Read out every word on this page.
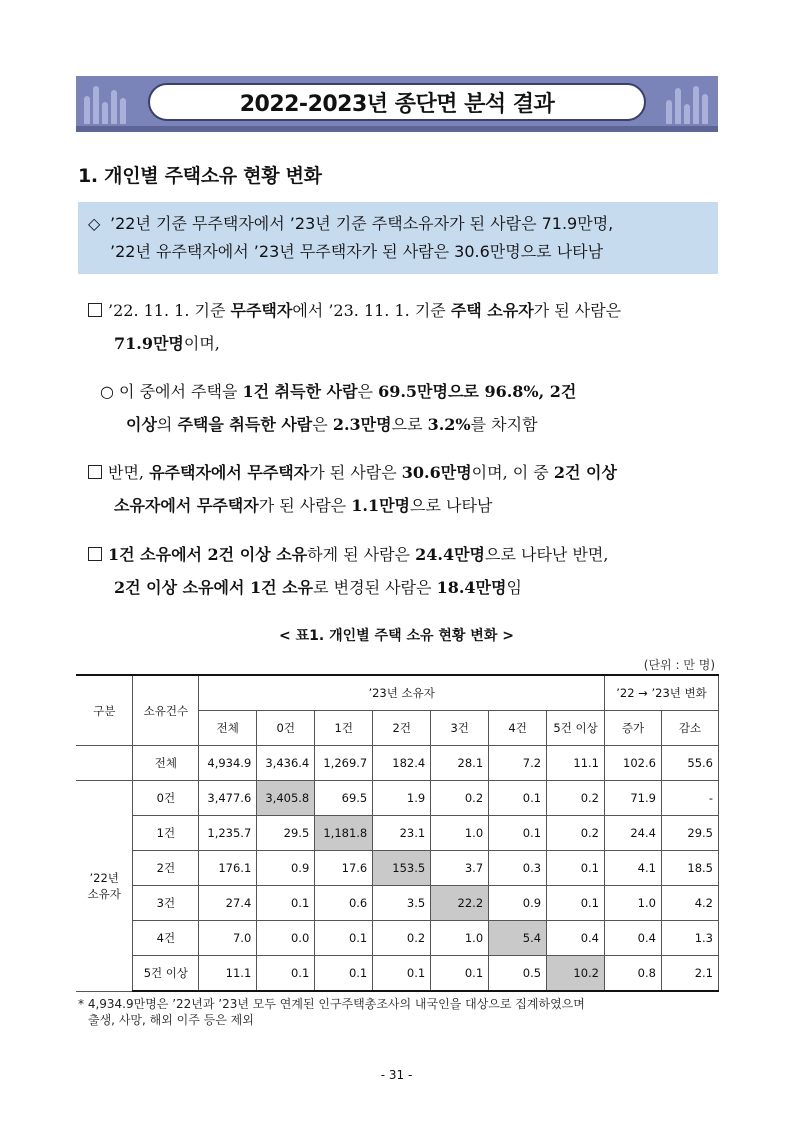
2022-2023년 종단면 분석 결과
1. 개인별 주택소유 현황 변화
◇ ’22년 기준 무주택자에서 ’23년 기준 주택소유자가 된 사람은 71.9만명,
’22년 유주택자에서 ’23년 무주택자가 된 사람은 30.6만명으로 나타남
’22. 11. 1. 기준 무주택자에서 ’23. 11. 1. 기준 주택 소유자가 된 사람은
71.9만명이며,
○ 이 중에서 주택을 1건 취득한 사람은 69.5만명으로 96.8%, 2건
이상의 주택을 취득한 사람은 2.3만명으로 3.2%를 차지함
반면, 유주택자에서 무주택자가 된 사람은 30.6만명이며, 이 중 2건 이상
소유자에서 무주택자가 된 사람은 1.1만명으로 나타남
1건 소유에서 2건 이상 소유하게 된 사람은 24.4만명으로 나타난 반면,
2건 이상 소유에서 1건 소유로 변경된 사람은 18.4만명임
< 표1. 개인별 주택 소유 현황 변화 >
(단위 : 만 명)
구분	소유건수	’23년 소유자							’22 → ’23년 변화	
		전체	0건	1건	2건	3건	4건	5건 이상	증가	감소
	전체	4,934.9	3,436.4	1,269.7	182.4	28.1	7.2	11.1	102.6	55.6
’22년
소유자	0건	3,477.6	3,405.8	69.5	1.9	0.2	0.1	0.2	71.9	-
	1건	1,235.7	29.5	1,181.8	23.1	1.0	0.1	0.2	24.4	29.5
	2건	176.1	0.9	17.6	153.5	3.7	0.3	0.1	4.1	18.5
	3건	27.4	0.1	0.6	3.5	22.2	0.9	0.1	1.0	4.2
	4건	7.0	0.0	0.1	0.2	1.0	5.4	0.4	0.4	1.3
	5건 이상	11.1	0.1	0.1	0.1	0.1	0.5	10.2	0.8	2.1
* 4,934.9만명은 ’22년과 ’23년 모두 연계된 인구주택총조사의 내국인을 대상으로 집계하였으며
출생, 사망, 해외 이주 등은 제외
- 31 -
